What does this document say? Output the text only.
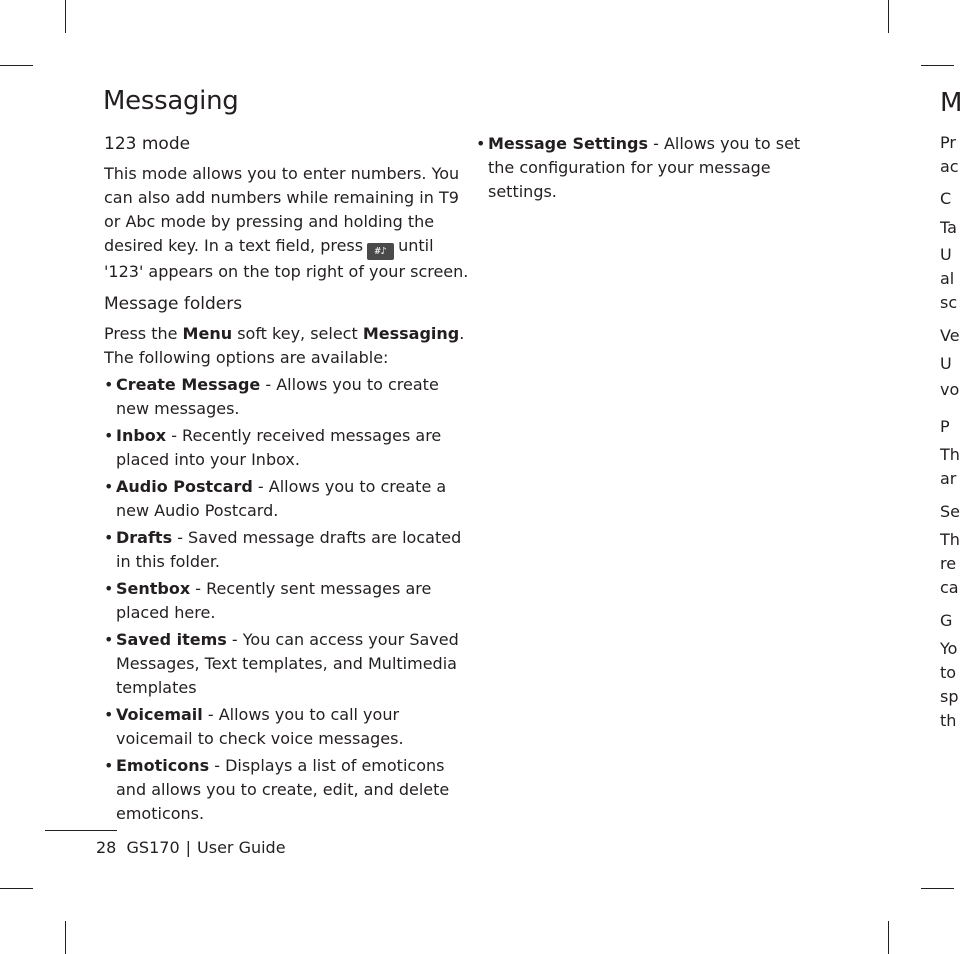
Messaging
123 mode

This mode allows you to enter numbers. You can also add numbers while remaining in T9 or Abc mode by pressing and holding the desired key. In a text field, press #♪ until '123' appears on the top right of your screen.

Message folders

Press the Menu soft key, select Messaging.
The following options are available:

• Create Message - Allows you to create new messages.
• Inbox - Recently received messages are placed into your Inbox.
• Audio Postcard - Allows you to create a new Audio Postcard.
• Drafts - Saved message drafts are located in this folder.
• Sentbox - Recently sent messages are placed here.
• Saved items - You can access your Saved Messages, Text templates, and Multimedia templates
• Voicemail - Allows you to call your voicemail to check voice messages.
• Emoticons - Displays a list of emoticons and allows you to create, edit, and delete emoticons.
• Message Settings - Allows you to set the configuration for your message settings.
28 GS170 | User Guide
M
Pr
ac
C
Ta
U
al
sc
Ve
U
vo
P
Th
ar
Se
Th
re
ca
G
Yo
to
sp
th
